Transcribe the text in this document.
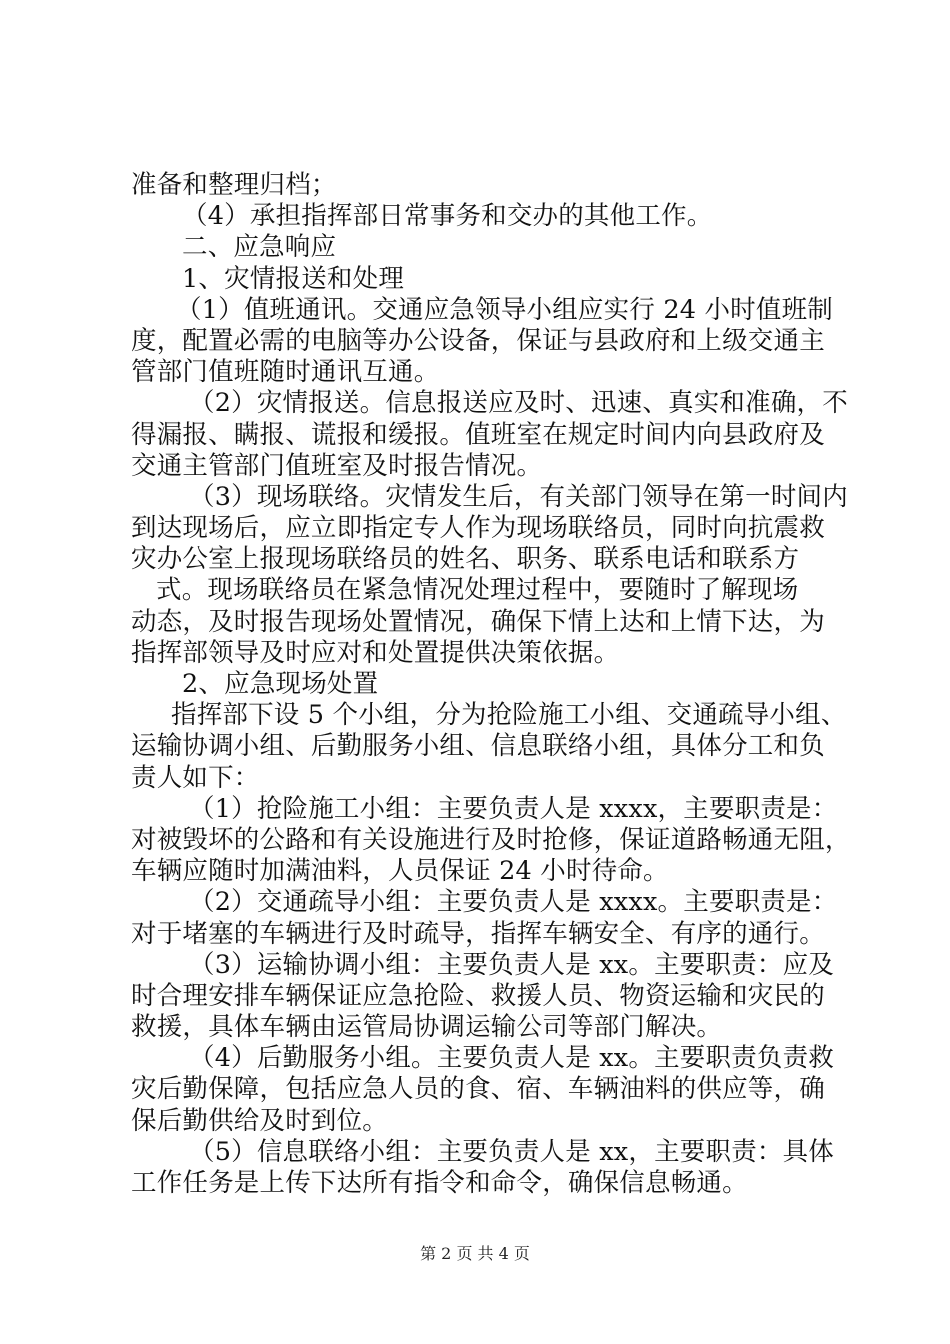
准备和整理归档；
（4）承担指挥部日常事务和交办的其他工作。
二、应急响应
1、灾情报送和处理
（1）值班通讯。交通应急领导小组应实行 24 小时值班制
度，配置必需的电脑等办公设备，保证与县政府和上级交通主
管部门值班随时通讯互通。
（2）灾情报送。信息报送应及时、迅速、真实和准确，不
得漏报、瞒报、谎报和缓报。值班室在规定时间内向县政府及
交通主管部门值班室及时报告情况。
（3）现场联络。灾情发生后，有关部门领导在第一时间内
到达现场后，应立即指定专人作为现场联络员，同时向抗震救
灾办公室上报现场联络员的姓名、职务、联系电话和联系方
式。现场联络员在紧急情况处理过程中，要随时了解现场
动态，及时报告现场处置情况，确保下情上达和上情下达，为
指挥部领导及时应对和处置提供决策依据。
2、应急现场处置
指挥部下设 5 个小组，分为抢险施工小组、交通疏导小组、
运输协调小组、后勤服务小组、信息联络小组，具体分工和负
责人如下：
（1）抢险施工小组：主要负责人是 xxxx，主要职责是：
对被毁坏的公路和有关设施进行及时抢修，保证道路畅通无阻，
车辆应随时加满油料，人员保证 24 小时待命。
（2）交通疏导小组：主要负责人是 xxxx。主要职责是：
对于堵塞的车辆进行及时疏导，指挥车辆安全、有序的通行。
（3）运输协调小组：主要负责人是 xx。主要职责：应及
时合理安排车辆保证应急抢险、救援人员、物资运输和灾民的
救援，具体车辆由运管局协调运输公司等部门解决。
（4）后勤服务小组。主要负责人是 xx。主要职责负责救
灾后勤保障，包括应急人员的食、宿、车辆油料的供应等，确
保后勤供给及时到位。
（5）信息联络小组：主要负责人是 xx，主要职责：具体
工作任务是上传下达所有指令和命令，确保信息畅通。
第 2 页 共 4 页
